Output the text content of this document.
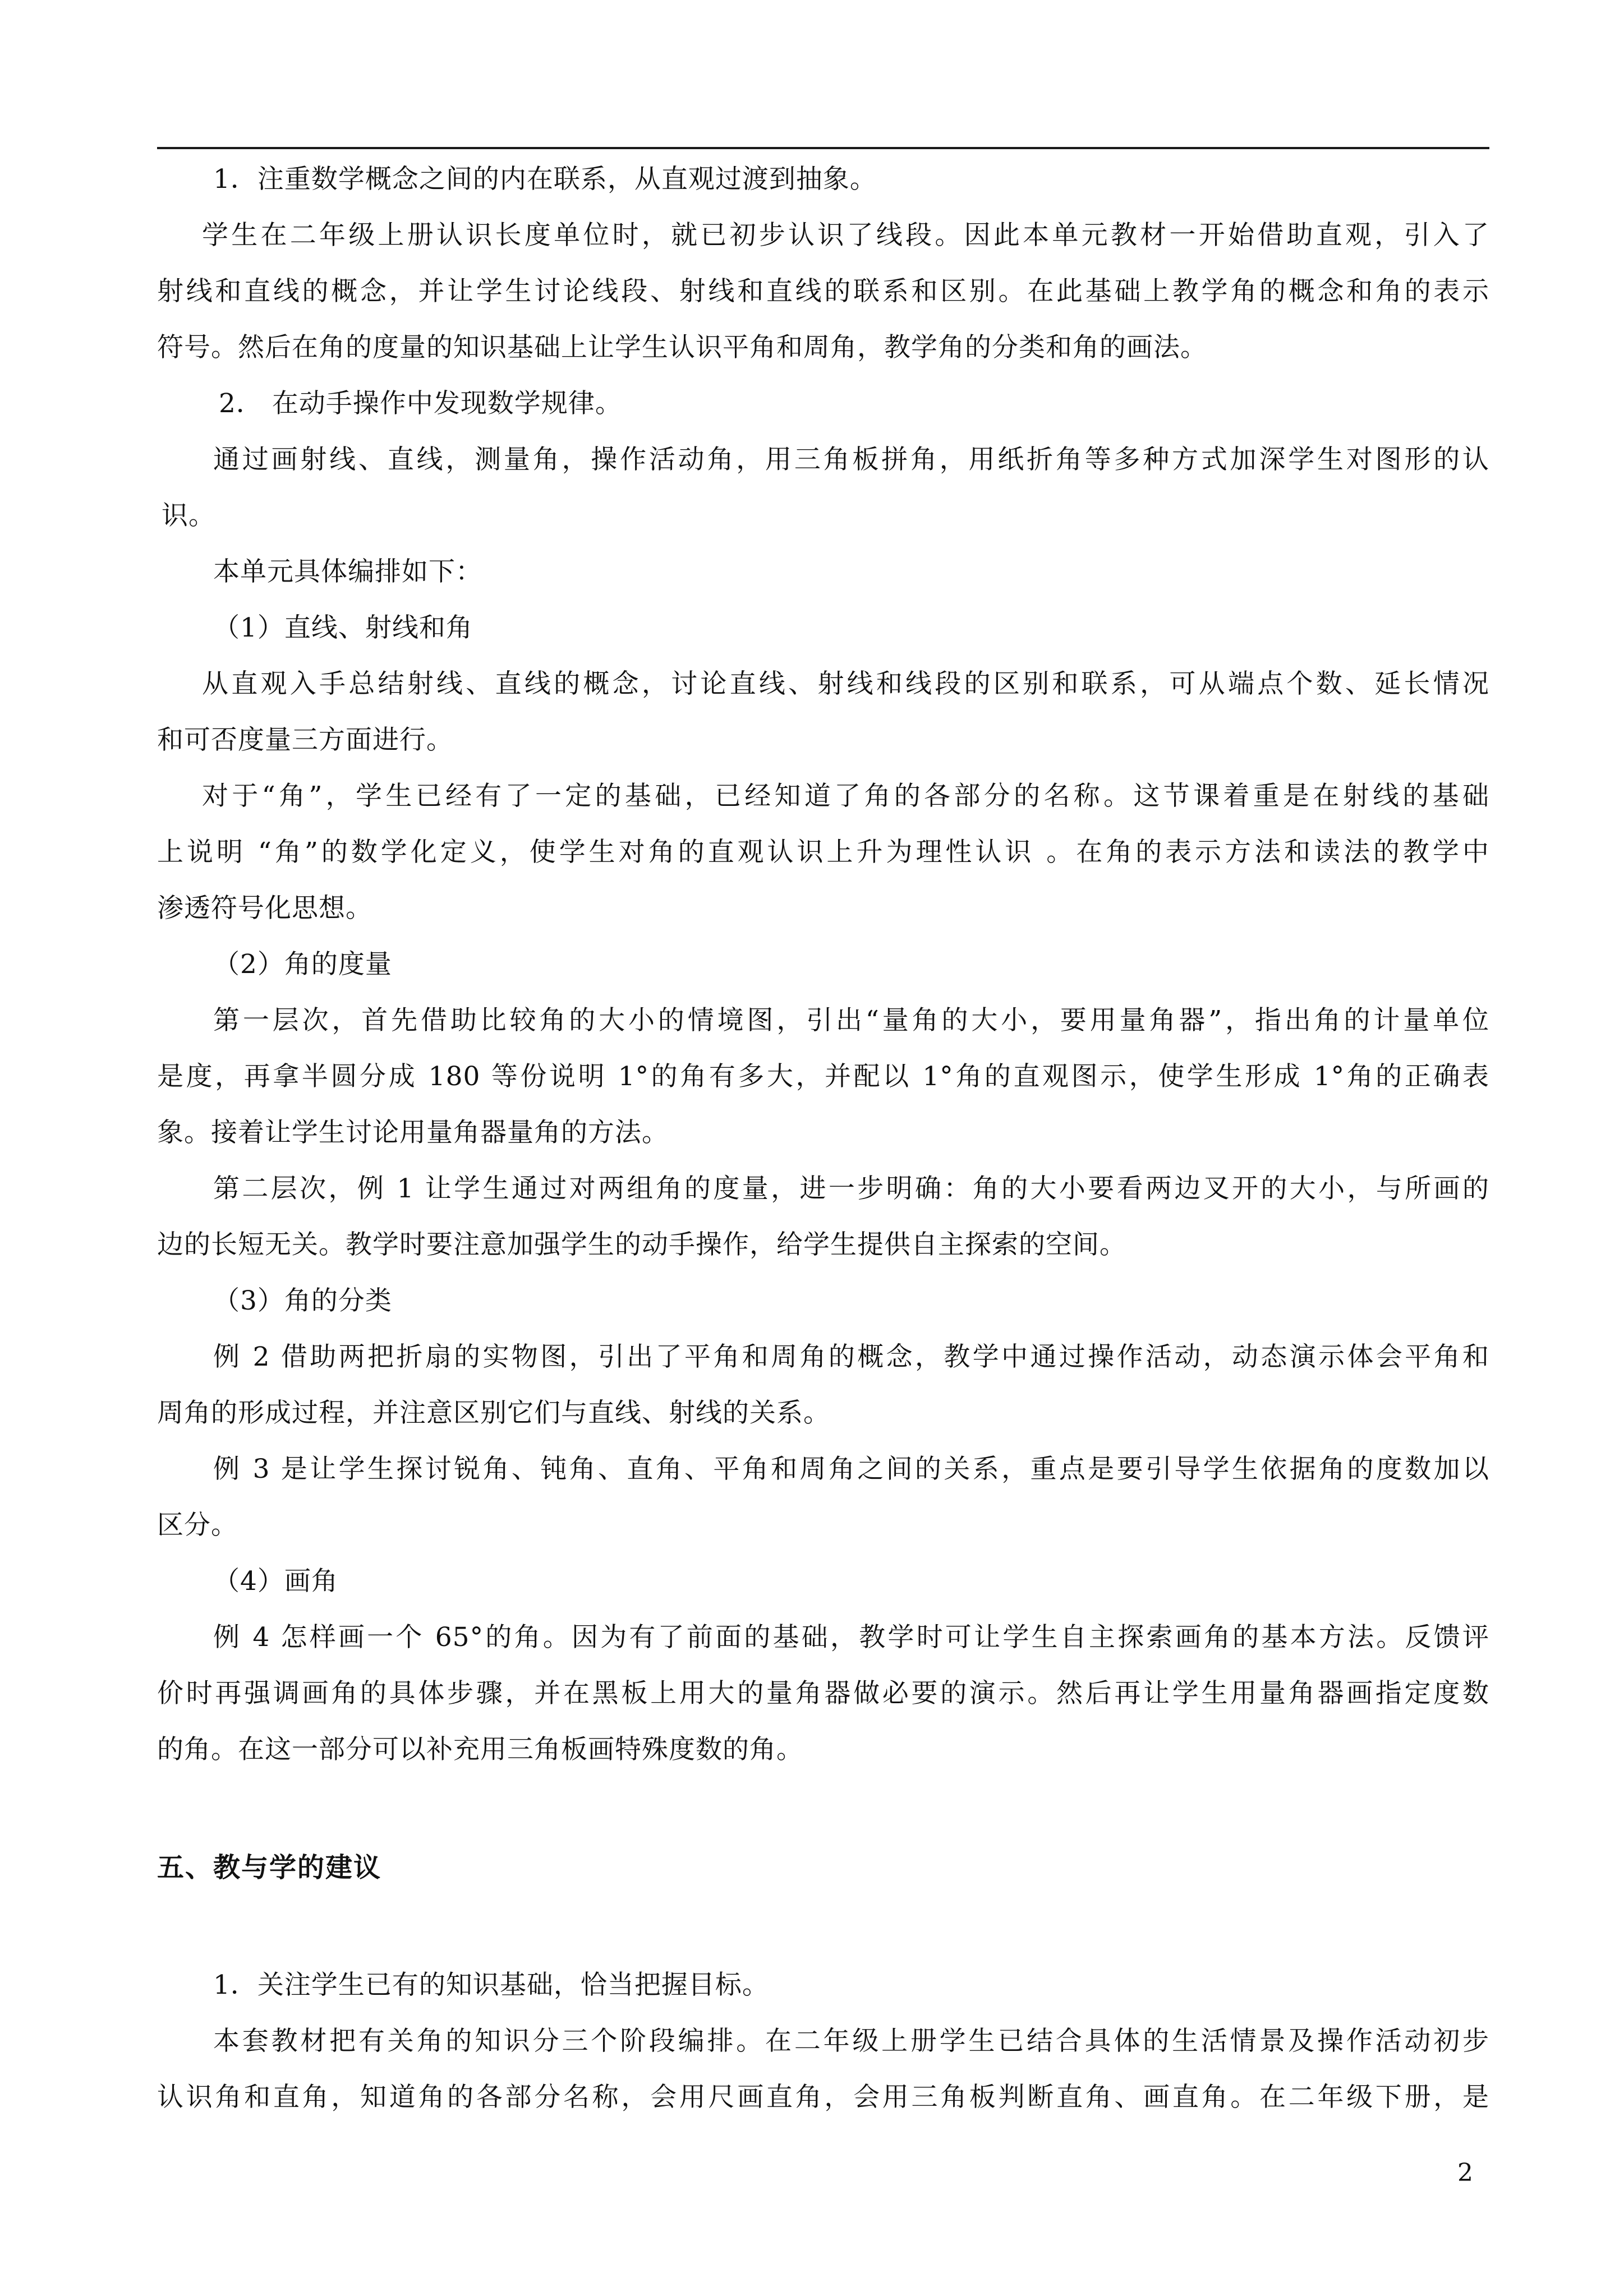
1．注重数学概念之间的内在联系，从直观过渡到抽象。
学生在二年级上册认识长度单位时，就已初步认识了线段。因此本单元教材一开始借助直观，引入了
射线和直线的概念，并让学生讨论线段、射线和直线的联系和区别。在此基础上教学角的概念和角的表示
符号。然后在角的度量的知识基础上让学生认识平角和周角，教学角的分类和角的画法。
2． 在动手操作中发现数学规律。
通过画射线、直线，测量角，操作活动角，用三角板拼角，用纸折角等多种方式加深学生对图形的认
识。
本单元具体编排如下：
（1）直线、射线和角
从直观入手总结射线、直线的概念，讨论直线、射线和线段的区别和联系，可从端点个数、延长情况
和可否度量三方面进行。
对于“角”，学生已经有了一定的基础，已经知道了角的各部分的名称。这节课着重是在射线的基础
上说明 “角”的数学化定义，使学生对角的直观认识上升为理性认识 。在角的表示方法和读法的教学中
渗透符号化思想。
（2）角的度量
第一层次，首先借助比较角的大小的情境图，引出“量角的大小，要用量角器”，指出角的计量单位
是度，再拿半圆分成 180 等份说明 1°的角有多大，并配以 1°角的直观图示，使学生形成 1°角的正确表
象。接着让学生讨论用量角器量角的方法。
第二层次，例 1 让学生通过对两组角的度量，进一步明确：角的大小要看两边叉开的大小，与所画的
边的长短无关。教学时要注意加强学生的动手操作，给学生提供自主探索的空间。
（3）角的分类
例 2 借助两把折扇的实物图，引出了平角和周角的概念，教学中通过操作活动，动态演示体会平角和
周角的形成过程，并注意区别它们与直线、射线的关系。
例 3 是让学生探讨锐角、钝角、直角、平角和周角之间的关系，重点是要引导学生依据角的度数加以
区分。
（4）画角
例 4 怎样画一个 65°的角。因为有了前面的基础，教学时可让学生自主探索画角的基本方法。反馈评
价时再强调画角的具体步骤，并在黑板上用大的量角器做必要的演示。然后再让学生用量角器画指定度数
的角。在这一部分可以补充用三角板画特殊度数的角。
五、教与学的建议
1．关注学生已有的知识基础，恰当把握目标。
本套教材把有关角的知识分三个阶段编排。在二年级上册学生已结合具体的生活情景及操作活动初步
认识角和直角，知道角的各部分名称，会用尺画直角，会用三角板判断直角、画直角。在二年级下册，是
2
